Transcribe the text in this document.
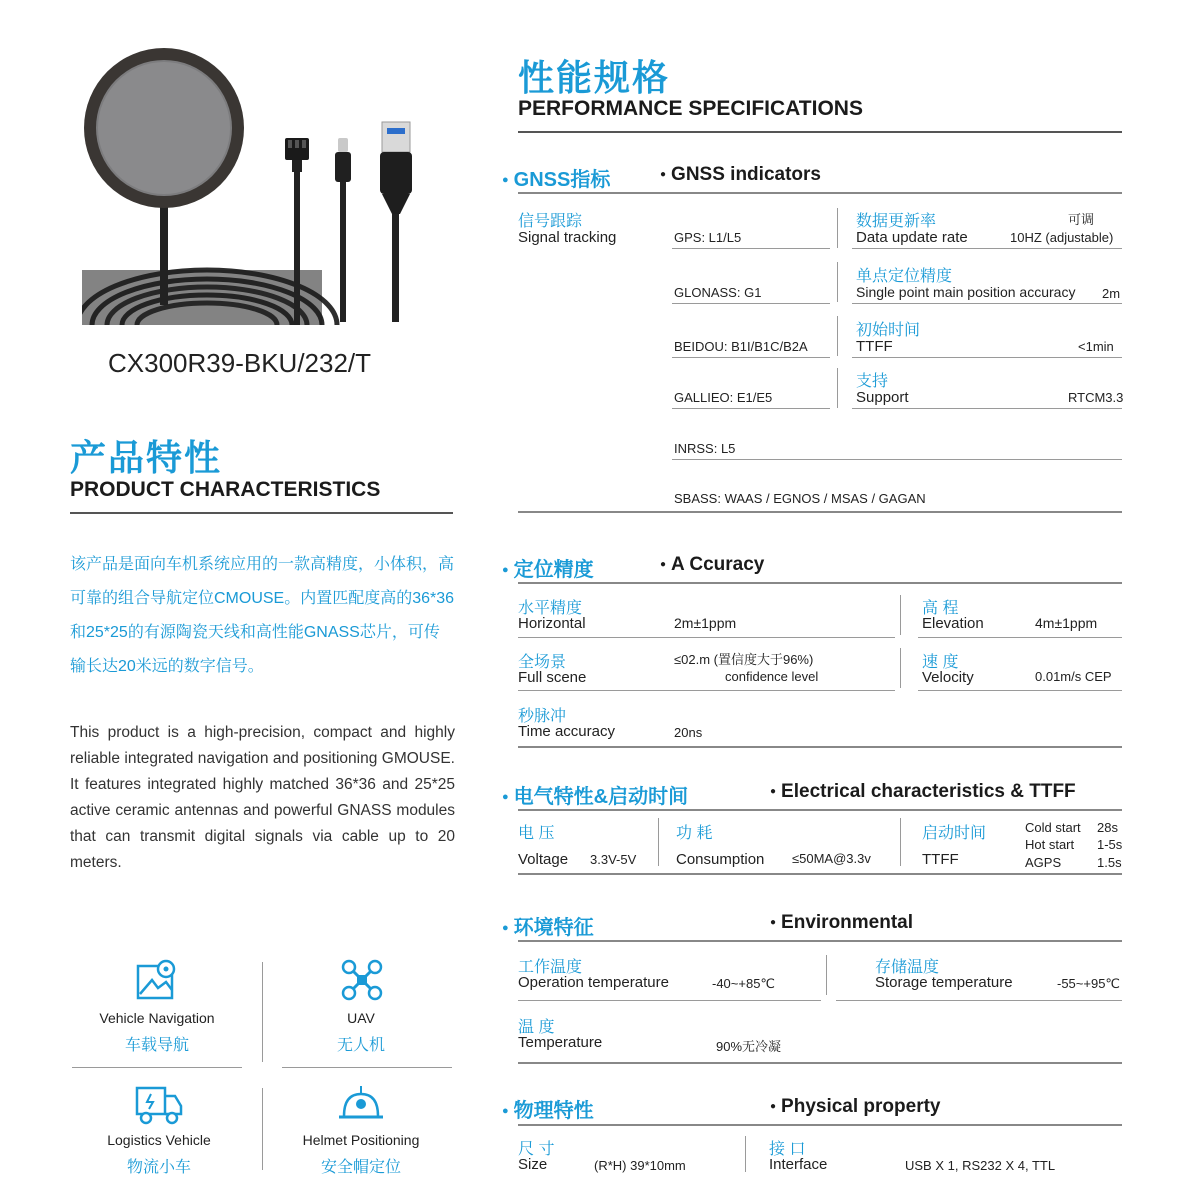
CX300R39-BKU/232/T
产品特性
PRODUCT CHARACTERISTICS
该产品是面向车机系统应用的一款高精度，小体积，高可靠的组合导航定位CMOUSE。内置匹配度高的36*36和25*25的有源陶瓷天线和高性能GNASS芯片，可传输长达20米远的数字信号。
This product is a high-precision, compact and highly reliable integrated navigation and positioning GMOUSE. It features integrated highly matched 36*36 and 25*25 active ceramic antennas and powerful GNASS modules that can transmit digital signals via cable up to 20 meters.
Vehicle Navigation
车载导航
UAV
无人机
Logistics Vehicle
物流小车
Helmet Positioning
安全帽定位
性能规格
PERFORMANCE SPECIFICATIONS
● GNSS指标	● GNSS indicators
信号跟踪
Signal tracking	GPS: L1/L5
GLONASS: G1
BEIDOU: B1I/B1C/B2A
GALLIEO: E1/E5
INRSS: L5
SBASS: WAAS / EGNOS / MSAS / GAGAN
数据更新率	可调
Data update rate	10HZ (adjustable)
单点定位精度
Single point main position accuracy 2m
初始时间
TTFF	<1min
支持
Support	RTCM3.3
● 定位精度	● A Ccuracy
水平精度
Horizontal	2m±1ppm
高 程
Elevation	4m±1ppm
全场景
Full scene
≤02.m (置信度大于96%)
confidence level
速 度
Velocity	0.01m/s CEP
秒脉冲
Time accuracy	20ns
● 电气特性&启动时间	● Electrical characteristics & TTFF
电 压
Voltage 3.3V-5V
功 耗
Consumption ≤50MA@3.3v
启动时间
TTFF
Cold start 28s
Hot start 1-5s
AGPS	1.5s
● 环境特征	● Environmental
工作温度
Operation temperature	-40~+85℃
存储温度
Storage temperature	-55~+95℃
温 度
Temperature	90%无冷凝
● 物理特性	● Physical property
尺 寸
Size	(R*H) 39*10mm
接 口
Interface	USB X 1, RS232 X 4, TTL
